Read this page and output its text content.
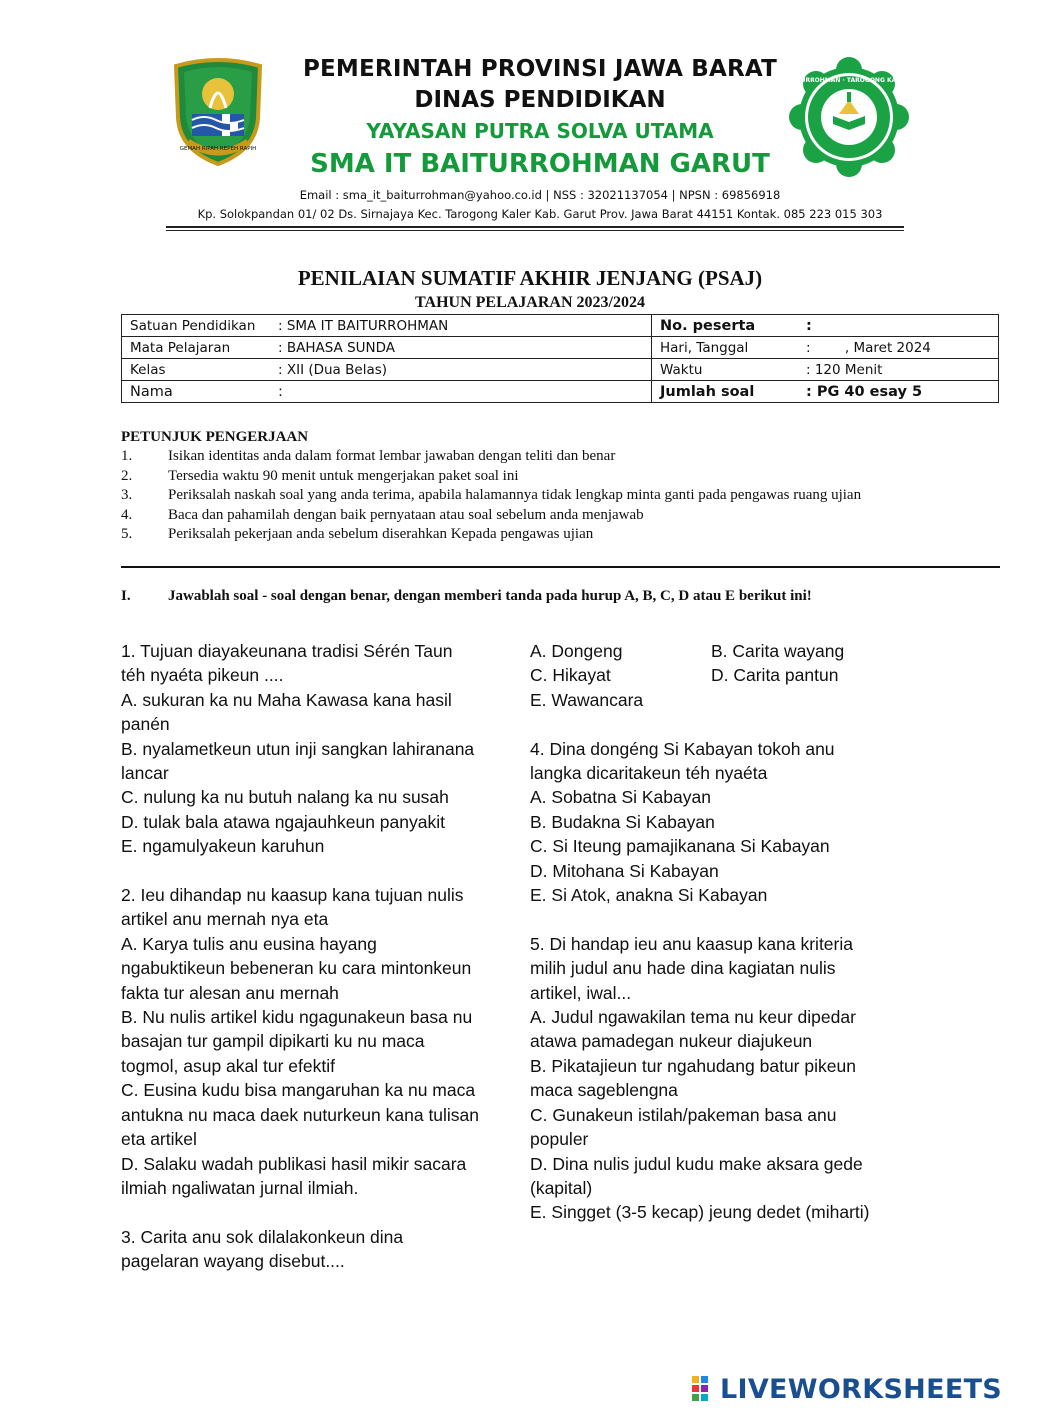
GEMAH RIPAH REPEH RAPIH
PEMERINTAH PROVINSI JAWA BARAT
DINAS PENDIDIKAN
YAYASAN PUTRA SOLVA UTAMA
SMA IT BAITURROHMAN GARUT
SMA IT BAITURROHMAN · TAROGONG KALER · GARUT
Email : sma_it_baiturrohman@yahoo.co.id | NSS : 32021137054 | NPSN : 69856918
Kp. Solokpandan 01/ 02 Ds. Sirnajaya Kec. Tarogong Kaler Kab. Garut Prov. Jawa Barat 44151 Kontak. 085 223 015 303
PENILAIAN SUMATIF AKHIR JENJANG (PSAJ)
TAHUN PELAJARAN 2023/2024
Satuan Pendidikan : SMA IT BAITURROHMAN	No. peserta :
Mata Pelajaran : BAHASA SUNDA	Hari, Tanggal :        , Maret 2024
Kelas : XII (Dua Belas)	Waktu : 120 Menit
Nama :	Jumlah soal : PG 40 esay 5
PETUNJUK PENGERJAAN
1.	Isikan identitas anda dalam format lembar jawaban dengan teliti dan benar
2.	Tersedia waktu 90 menit untuk mengerjakan paket soal ini
3.	Periksalah naskah soal yang anda terima, apabila halamannya tidak lengkap minta ganti pada pengawas ruang ujian
4.	Baca dan pahamilah dengan baik pernyataan atau soal sebelum anda menjawab
5.	Periksalah pekerjaan anda sebelum diserahkan Kepada pengawas ujian
I.	Jawablah soal - soal dengan benar, dengan memberi tanda pada hurup A, B, C, D atau E berikut ini!

1. Tujuan diayakeunana tradisi Sérén Taun téh nyaéta pikeun ....

A. sukuran ka nu Maha Kawasa kana hasil panén

B. nyalametkeun utun inji sangkan lahiranana lancar

C. nulung ka nu butuh nalang ka nu susah

D. tulak bala atawa ngajauhkeun panyakit

E. ngamulyakeun karuhun

2. Ieu dihandap nu kaasup kana tujuan nulis artikel anu mernah nya eta

A. Karya tulis anu eusina hayang ngabuktikeun bebeneran ku cara mintonkeun fakta tur alesan anu mernah

B. Nu nulis artikel kidu ngagunakeun basa nu basajan tur gampil dipikarti ku nu maca togmol, asup akal tur efektif

C. Eusina kudu bisa mangaruhan ka nu maca antukna nu maca daek nuturkeun kana tulisan eta artikel

D. Salaku wadah publikasi hasil mikir sacara ilmiah ngaliwatan jurnal ilmiah.

3. Carita anu sok dilalakonkeun dina pagelaran wayang disebut....

A. Dongeng	B. Carita wayang

C. Hikayat	D. Carita pantun

E. Wawancara

4. Dina dongéng Si Kabayan tokoh anu langka dicaritakeun téh nyaéta

A. Sobatna Si Kabayan

B. Budakna Si Kabayan

C. Si Iteung pamajikanana Si Kabayan

D. Mitohana Si Kabayan

E. Si Atok, anakna Si Kabayan

5. Di handap ieu anu kaasup kana kriteria milih judul anu hade dina kagiatan nulis artikel, iwal...

A. Judul ngawakilan tema nu keur dipedar atawa pamadegan nukeur diajukeun

B. Pikatajieun tur ngahudang batur pikeun maca sageblengna

C. Gunakeun istilah/pakeman basa anu populer

D. Dina nulis judul kudu make aksara gede (kapital)

E. Singget (3-5 kecap) jeung dedet (miharti)

LIVEWORKSHEETS
